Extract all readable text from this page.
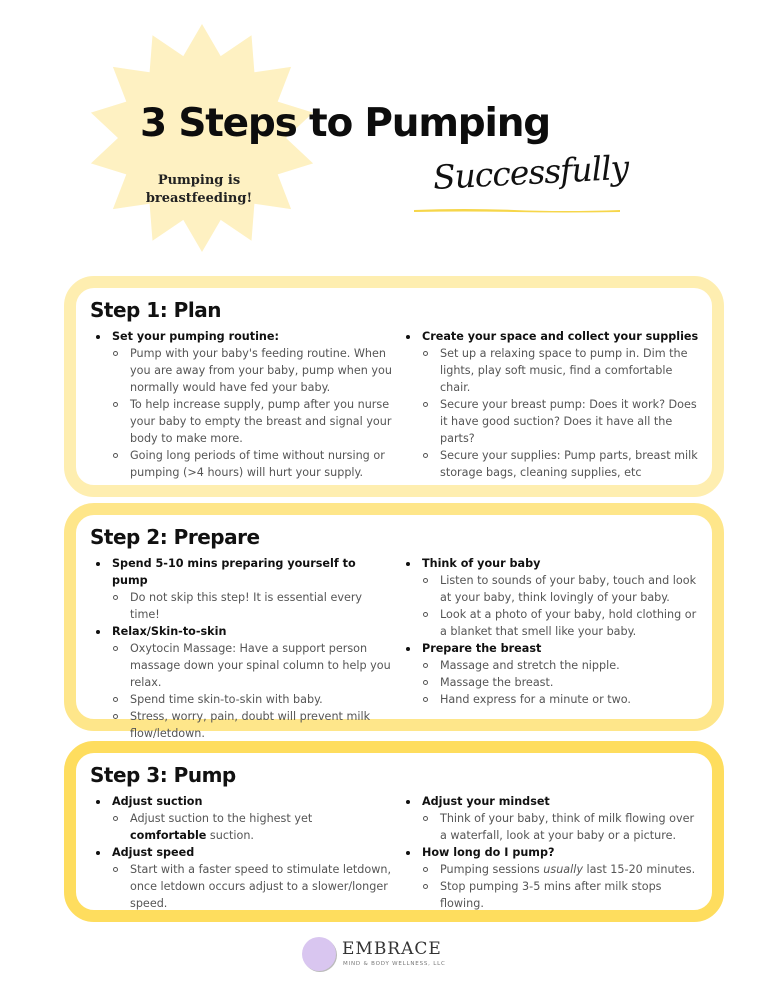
3 Steps to Pumping
Successfully
Pumping is
breastfeeding!
Step 1: Plan
Set your pumping routine:
Pump with your baby's feeding routine. When you are away from your baby, pump when you normally would have fed your baby.
To help increase supply, pump after you nurse your baby to empty the breast and signal your body to make more.
Going long periods of time without nursing or pumping (>4 hours) will hurt your supply.
Create your space and collect your supplies
Set up a relaxing space to pump in. Dim the lights, play soft music, find a comfortable chair.
Secure your breast pump: Does it work? Does it have good suction? Does it have all the parts?
Secure your supplies: Pump parts, breast milk storage bags, cleaning supplies, etc
Step 2: Prepare
Spend 5-10 mins preparing yourself to pump
Do not skip this step! It is essential every time!
Relax/Skin-to-skin
Oxytocin Massage: Have a support person massage down your spinal column to help you relax.
Spend time skin-to-skin with baby.
Stress, worry, pain, doubt will prevent milk flow/letdown.
Think of your baby
Listen to sounds of your baby, touch and look at your baby, think lovingly of your baby.
Look at a photo of your baby, hold clothing or a blanket that smell like your baby.
Prepare the breast
Massage and stretch the nipple.
Massage the breast.
Hand express for a minute or two.
Step 3: Pump
Adjust suction
Adjust suction to the highest yet comfortable suction.
Adjust speed
Start with a faster speed to stimulate letdown, once letdown occurs adjust to a slower/longer speed.
Adjust your mindset
Think of your baby, think of milk flowing over a waterfall, look at your baby or a picture.
How long do I pump?
Pumping sessions usually last 15-20 minutes.
Stop pumping 3-5 mins after milk stops flowing.
EMBRACE
MIND & BODY WELLNESS, LLC
